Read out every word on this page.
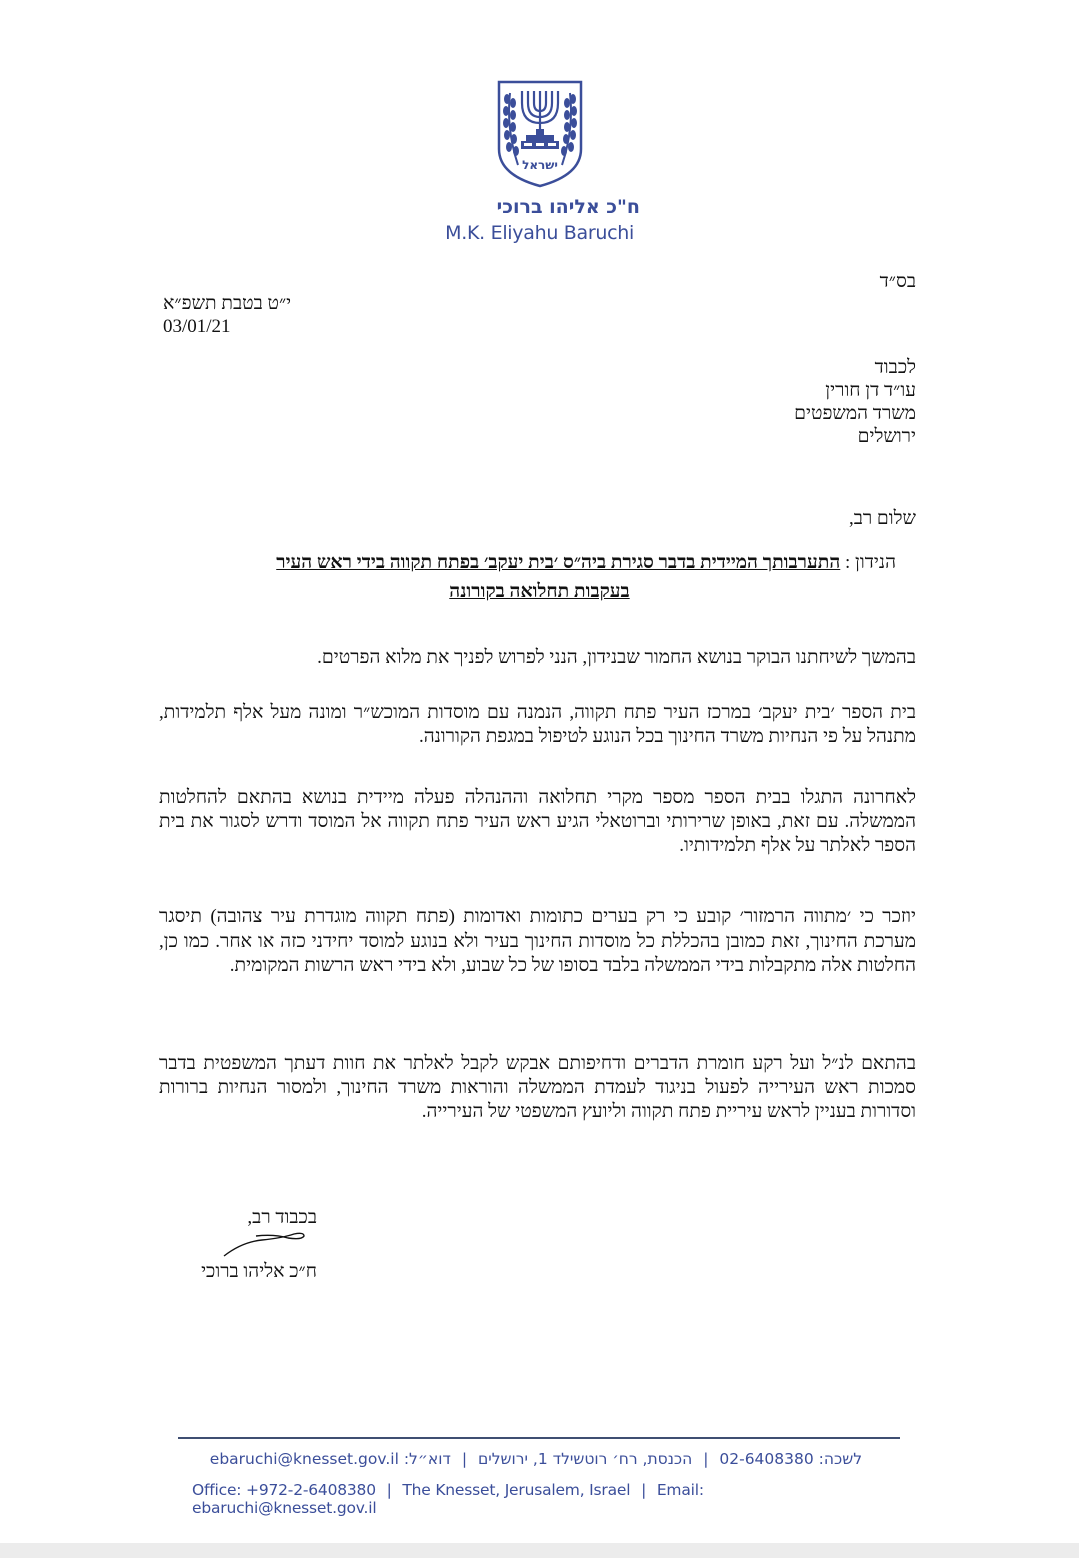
ישראל
ח"כ אליהו ברוכי
M.K. Eliyahu Baruchi
בס״ד
י״ט בטבת תשפ״א
03/01/21
לכבוד
עו״ד דן חורין
משרד המשפטים
ירושלים
שלום רב,
הנידון : התערבותך המיידית בדבר סגירת ביה״ס ׳בית יעקב׳ בפתח תקווה בידי ראש העיר
בעקבות תחלואה בקורונה

בהמשך לשיחתנו הבוקר בנושא החמור שבנידון, הנני לפרוש לפניך את מלוא הפרטים.

בית הספר ׳בית יעקב׳ במרכז העיר פתח תקווה, הנמנה עם מוסדות המוכש״ר ומונה מעל אלף תלמידות, מתנהל על פי הנחיות משרד החינוך בכל הנוגע לטיפול במגפת הקורונה.

לאחרונה התגלו בבית הספר מספר מקרי תחלואה וההנהלה פעלה מיידית בנושא בהתאם להחלטות הממשלה. עם זאת, באופן שרירותי וברוטאלי הגיע ראש העיר פתח תקווה אל המוסד ודרש לסגור את בית הספר לאלתר על אלף תלמידותיו.

יוזכר כי ׳מתווה הרמזור׳ קובע כי רק בערים כתומות ואדומות (פתח תקווה מוגדרת עיר צהובה) תיסגר מערכת החינוך, זאת כמובן בהכללת כל מוסדות החינוך בעיר ולא בנוגע למוסד יחידני כזה או אחר. כמו כן, החלטות אלה מתקבלות בידי הממשלה בלבד בסופו של כל שבוע, ולא בידי ראש הרשות המקומית.

בהתאם לנ״ל ועל רקע חומרת הדברים ודחיפותם אבקש לקבל לאלתר את חוות דעתך המשפטית בדבר סמכות ראש העירייה לפעול בניגוד לעמדת הממשלה והוראות משרד החינוך, ולמסור הנחיות ברורות וסדורות בעניין לראש עיריית פתח תקווה וליועץ המשפטי של העירייה.

בכבוד רב,
ח״כ אליהו ברוכי
לשכה: 02-6408380 | הכנסת, רח׳ רוטשילד 1, ירושלים | דוא״ל: ebaruchi@knesset.gov.il
Office: +972-2-6408380 | The Knesset, Jerusalem, Israel | Email: ebaruchi@knesset.gov.il
